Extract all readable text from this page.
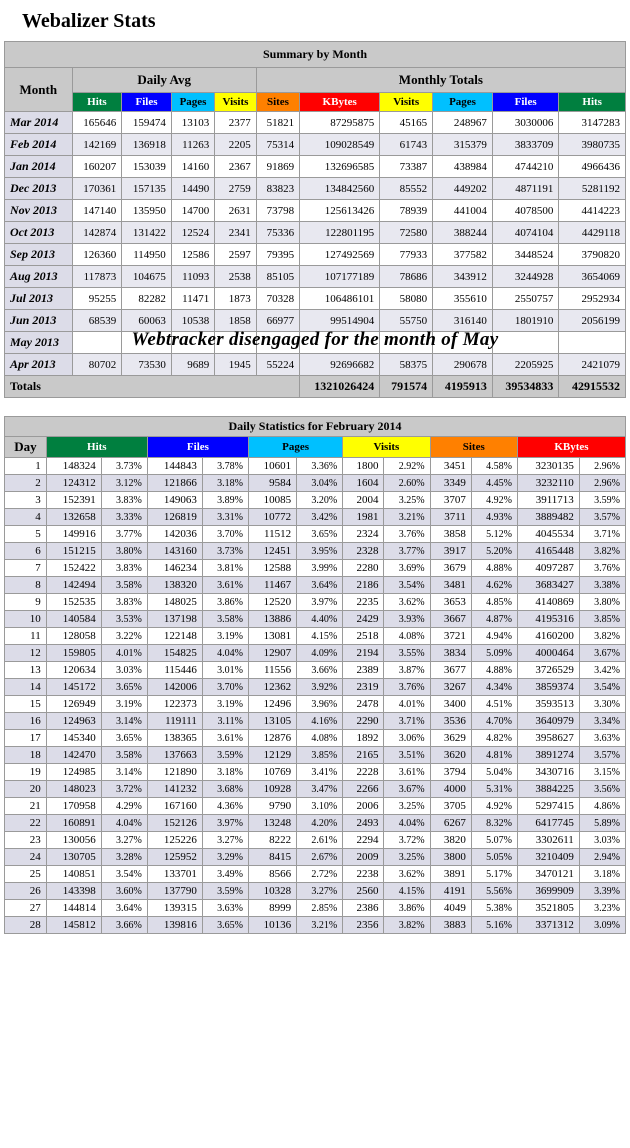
Webalizer Stats
Summary by Month										
Month	Daily Avg				Monthly Totals					
	Hits	Files	Pages	Visits	Sites	KBytes	Visits	Pages	Files	Hits
Mar 2014	165646	159474	13103	2377	51821	87295875	45165	248967	3030006	3147283
Feb 2014	142169	136918	11263	2205	75314	109028549	61743	315379	3833709	3980735
Jan 2014	160207	153039	14160	2367	91869	132696585	73387	438984	4744210	4966436
Dec 2013	170361	157135	14490	2759	83823	134842560	85552	449202	4871191	5281192
Nov 2013	147140	135950	14700	2631	73798	125613426	78939	441004	4078500	4414223
Oct 2013	142874	131422	12524	2341	75336	122801195	72580	388244	4074104	4429118
Sep 2013	126360	114950	12586	2597	79395	127492569	77933	377582	3448524	3790820
Aug 2013	117873	104675	11093	2538	85105	107177189	78686	343912	3244928	3654069
Jul 2013	95255	82282	11471	1873	70328	106486101	58080	355610	2550757	2952934
Jun 2013	68539	60063	10538	1858	66977	99514904	55750	316140	1801910	2056199
May 2013										
Apr 2013	80702	73530	9689	1945	55224	92696682	58375	290678	2205925	2421079
Totals						1321026424	791574	4195913	39534833	42915532
Webtracker disengaged for the month of May
Daily Statistics for February 2014												
Day	Hits		Files		Pages		Visits		Sites		KBytes	
1	148324	3.73%	144843	3.78%	10601	3.36%	1800	2.92%	3451	4.58%	3230135	2.96%
2	124312	3.12%	121866	3.18%	9584	3.04%	1604	2.60%	3349	4.45%	3232110	2.96%
3	152391	3.83%	149063	3.89%	10085	3.20%	2004	3.25%	3707	4.92%	3911713	3.59%
4	132658	3.33%	126819	3.31%	10772	3.42%	1981	3.21%	3711	4.93%	3889482	3.57%
5	149916	3.77%	142036	3.70%	11512	3.65%	2324	3.76%	3858	5.12%	4045534	3.71%
6	151215	3.80%	143160	3.73%	12451	3.95%	2328	3.77%	3917	5.20%	4165448	3.82%
7	152422	3.83%	146234	3.81%	12588	3.99%	2280	3.69%	3679	4.88%	4097287	3.76%
8	142494	3.58%	138320	3.61%	11467	3.64%	2186	3.54%	3481	4.62%	3683427	3.38%
9	152535	3.83%	148025	3.86%	12520	3.97%	2235	3.62%	3653	4.85%	4140869	3.80%
10	140584	3.53%	137198	3.58%	13886	4.40%	2429	3.93%	3667	4.87%	4195316	3.85%
11	128058	3.22%	122148	3.19%	13081	4.15%	2518	4.08%	3721	4.94%	4160200	3.82%
12	159805	4.01%	154825	4.04%	12907	4.09%	2194	3.55%	3834	5.09%	4000464	3.67%
13	120634	3.03%	115446	3.01%	11556	3.66%	2389	3.87%	3677	4.88%	3726529	3.42%
14	145172	3.65%	142006	3.70%	12362	3.92%	2319	3.76%	3267	4.34%	3859374	3.54%
15	126949	3.19%	122373	3.19%	12496	3.96%	2478	4.01%	3400	4.51%	3593513	3.30%
16	124963	3.14%	119111	3.11%	13105	4.16%	2290	3.71%	3536	4.70%	3640979	3.34%
17	145340	3.65%	138365	3.61%	12876	4.08%	1892	3.06%	3629	4.82%	3958627	3.63%
18	142470	3.58%	137663	3.59%	12129	3.85%	2165	3.51%	3620	4.81%	3891274	3.57%
19	124985	3.14%	121890	3.18%	10769	3.41%	2228	3.61%	3794	5.04%	3430716	3.15%
20	148023	3.72%	141232	3.68%	10928	3.47%	2266	3.67%	4000	5.31%	3884225	3.56%
21	170958	4.29%	167160	4.36%	9790	3.10%	2006	3.25%	3705	4.92%	5297415	4.86%
22	160891	4.04%	152126	3.97%	13248	4.20%	2493	4.04%	6267	8.32%	6417745	5.89%
23	130056	3.27%	125226	3.27%	8222	2.61%	2294	3.72%	3820	5.07%	3302611	3.03%
24	130705	3.28%	125952	3.29%	8415	2.67%	2009	3.25%	3800	5.05%	3210409	2.94%
25	140851	3.54%	133701	3.49%	8566	2.72%	2238	3.62%	3891	5.17%	3470121	3.18%
26	143398	3.60%	137790	3.59%	10328	3.27%	2560	4.15%	4191	5.56%	3699909	3.39%
27	144814	3.64%	139315	3.63%	8999	2.85%	2386	3.86%	4049	5.38%	3521805	3.23%
28	145812	3.66%	139816	3.65%	10136	3.21%	2356	3.82%	3883	5.16%	3371312	3.09%
